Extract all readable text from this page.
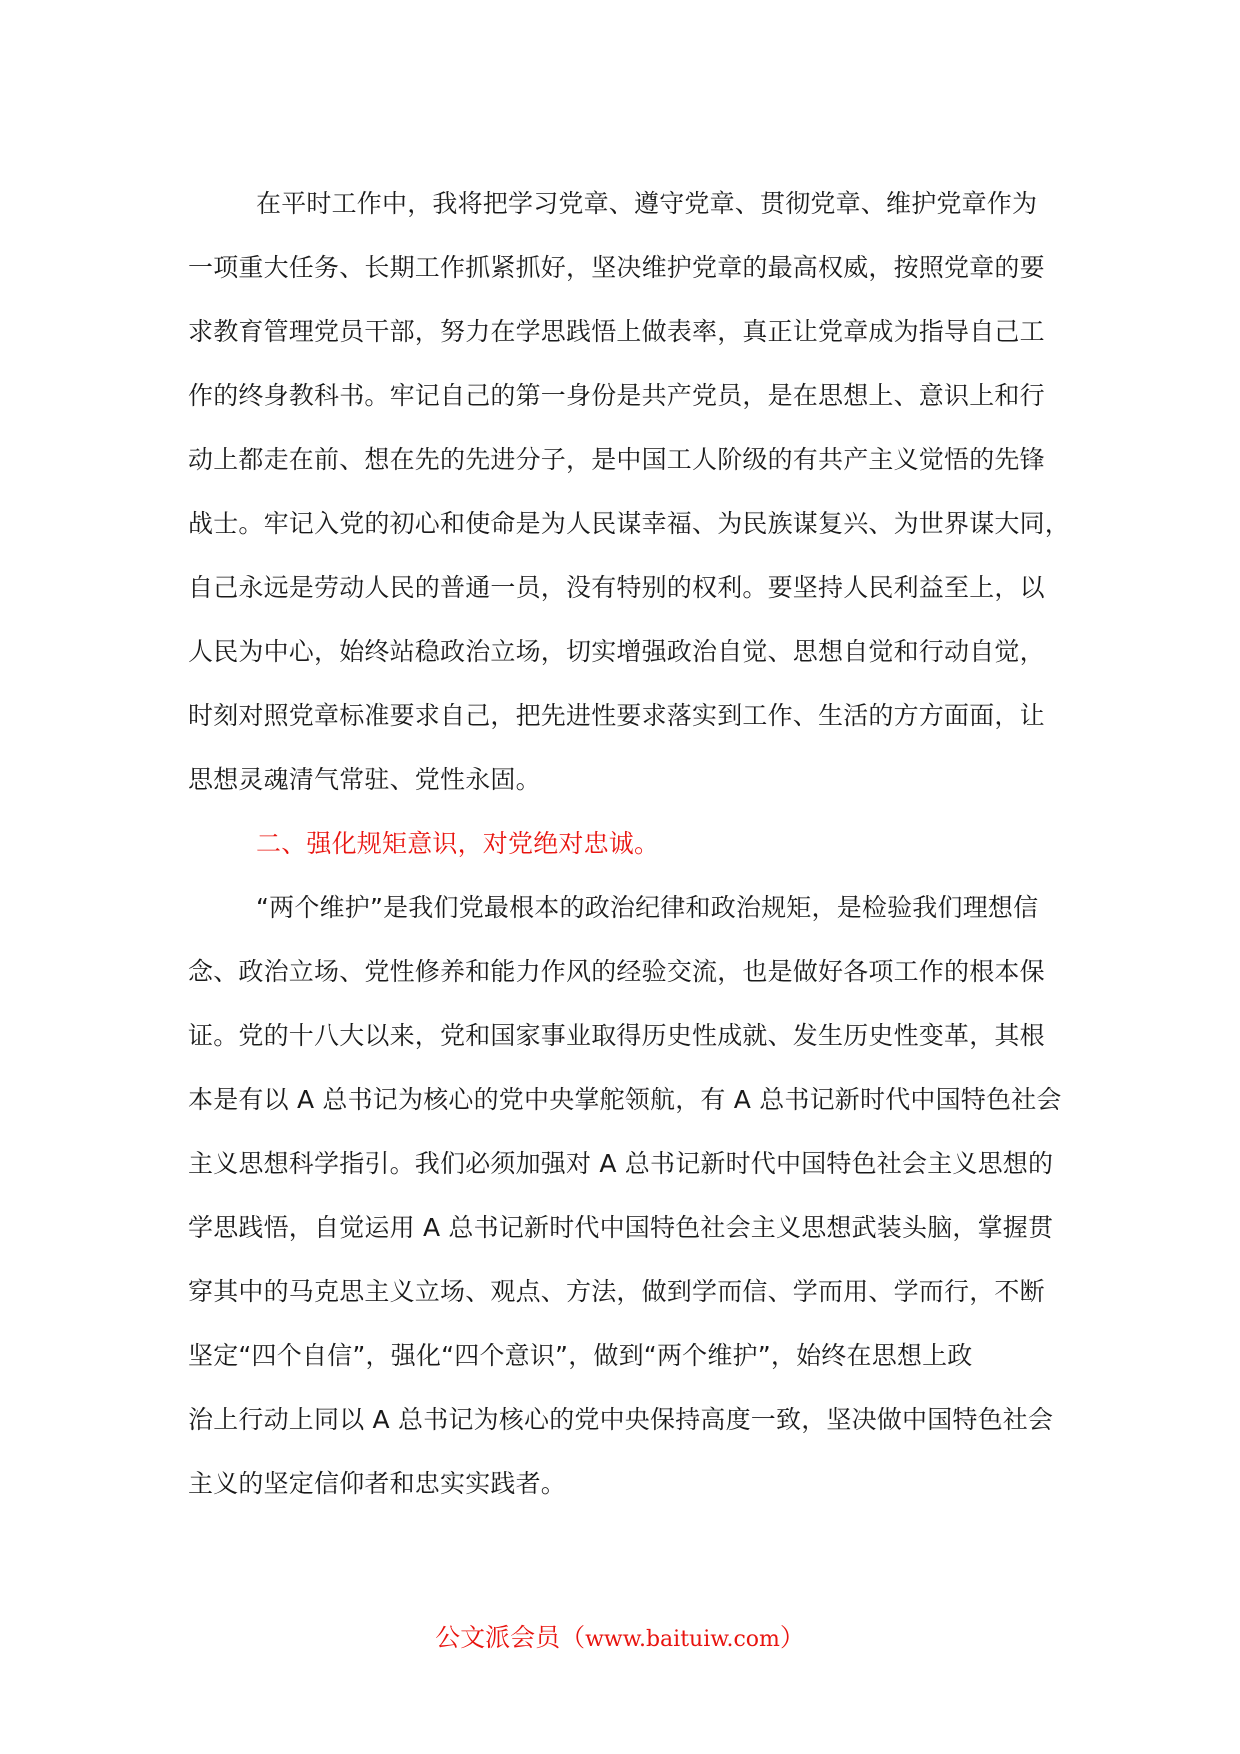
在平时工作中，我将把学习党章、遵守党章、贯彻党章、维护党章作为
一项重大任务、长期工作抓紧抓好，坚决维护党章的最高权威，按照党章的要
求教育管理党员干部，努力在学思践悟上做表率，真正让党章成为指导自己工
作的终身教科书。牢记自己的第一身份是共产党员，是在思想上、意识上和行
动上都走在前、想在先的先进分子，是中国工人阶级的有共产主义觉悟的先锋
战士。牢记入党的初心和使命是为人民谋幸福、为民族谋复兴、为世界谋大同，
自己永远是劳动人民的普通一员，没有特别的权利。要坚持人民利益至上，以
人民为中心，始终站稳政治立场，切实增强政治自觉、思想自觉和行动自觉，
时刻对照党章标准要求自己，把先进性要求落实到工作、生活的方方面面，让
思想灵魂清气常驻、党性永固。
二、强化规矩意识，对党绝对忠诚。
“两个维护”是我们党最根本的政治纪律和政治规矩，是检验我们理想信
念、政治立场、党性修养和能力作风的经验交流，也是做好各项工作的根本保
证。党的十八大以来，党和国家事业取得历史性成就、发生历史性变革，其根
本是有以 A 总书记为核心的党中央掌舵领航，有 A 总书记新时代中国特色社会
主义思想科学指引。我们必须加强对 A 总书记新时代中国特色社会主义思想的
学思践悟，自觉运用 A 总书记新时代中国特色社会主义思想武装头脑，掌握贯
穿其中的马克思主义立场、观点、方法，做到学而信、学而用、学而行，不断
坚定“四个自信”，强化“四个意识”，做到“两个维护”，始终在思想上政
治上行动上同以 A 总书记为核心的党中央保持高度一致，坚决做中国特色社会
主义的坚定信仰者和忠实实践者。
公文派会员（www.baituiw.com）
